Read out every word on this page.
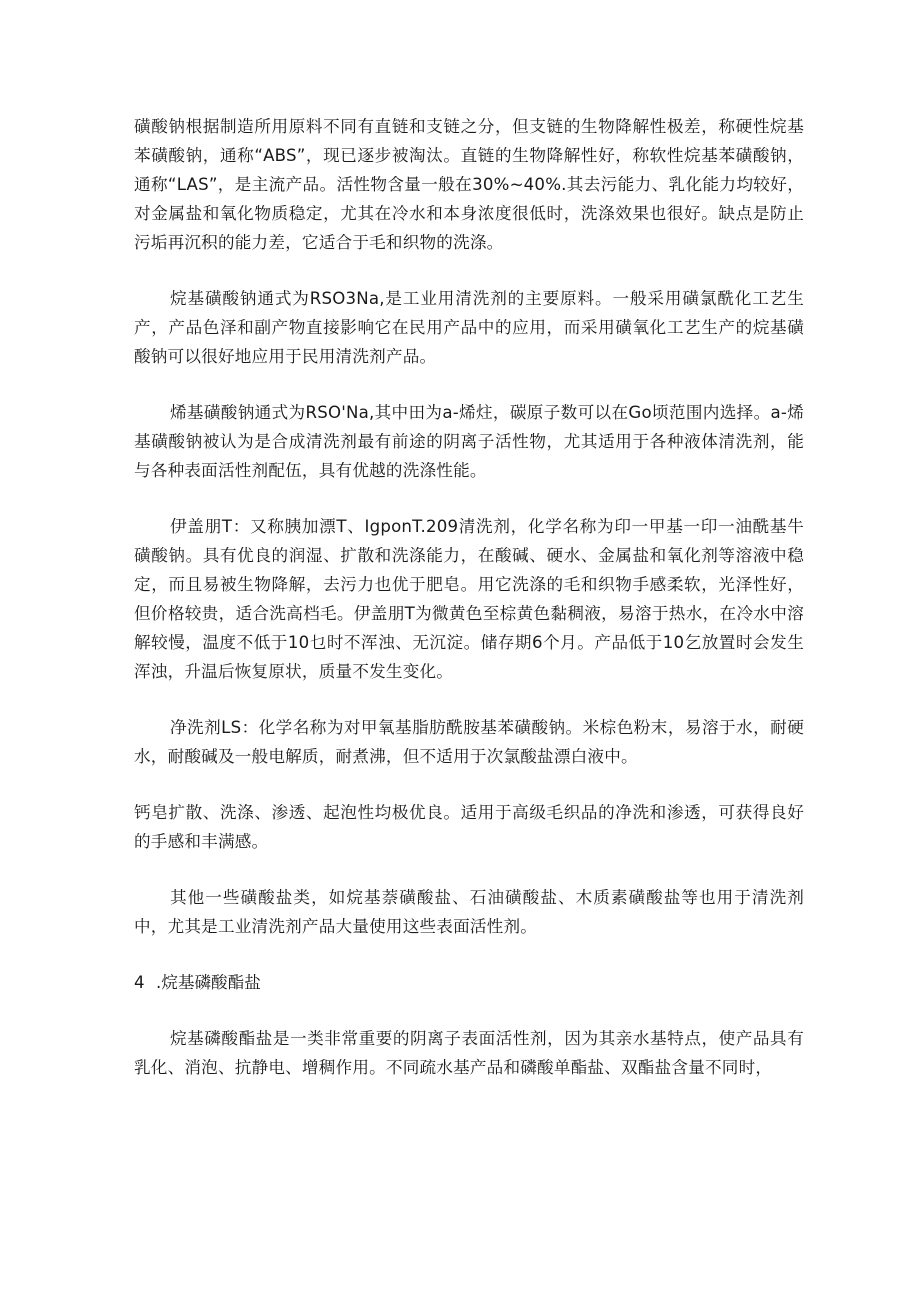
磺酸钠根据制造所用原料不同有直链和支链之分，但支链的生物降解性极差，称硬性烷基苯磺酸钠，通称“ABS”，现已逐步被淘汰。直链的生物降解性好，称软性烷基苯磺酸钠，通称“LAS”，是主流产品。活性物含量一般在30%~40%.其去污能力、乳化能力均较好，对金属盐和氧化物质稳定，尤其在冷水和本身浓度很低时，洗涤效果也很好。缺点是防止污垢再沉积的能力差，它适合于毛和织物的洗涤。

烷基磺酸钠通式为RSO3Na,是工业用清洗剂的主要原料。一般采用磺氯酰化工艺生产，产品色泽和副产物直接影响它在民用产品中的应用，而采用磺氧化工艺生产的烷基磺酸钠可以很好地应用于民用清洗剂产品。

烯基磺酸钠通式为RSO'Na,其中田为a-烯炷，碳原子数可以在Go顷范围内选择。a-烯基磺酸钠被认为是合成清洗剂最有前途的阴离子活性物，尤其适用于各种液体清洗剂，能与各种表面活性剂配伍，具有优越的洗涤性能。

伊盖朋T：又称胰加漂T、IgponT.209清洗剂，化学名称为印一甲基一印一油酰基牛磺酸钠。具有优良的润湿、扩散和洗涤能力，在酸碱、硬水、金属盐和氧化剂等溶液中稳定，而且易被生物降解，去污力也优于肥皂。用它洗涤的毛和织物手感柔软，光泽性好，但价格较贵，适合洗高档毛。伊盖朋T为微黄色至棕黄色黏稠液，易溶于热水，在冷水中溶解较慢，温度不低于10乜时不浑浊、无沉淀。储存期6个月。产品低于10乞放置时会发生浑浊，升温后恢复原状，质量不发生变化。

净洗剂LS：化学名称为对甲氧基脂肪酰胺基苯磺酸钠。米棕色粉末，易溶于水，耐硬水，耐酸碱及一般电解质，耐煮沸，但不适用于次氯酸盐漂白液中。

钙皂扩散、洗涤、渗透、起泡性均极优良。适用于高级毛织品的净洗和渗透，可获得良好的手感和丰满感。

其他一些磺酸盐类，如烷基萘磺酸盐、石油磺酸盐、木质素磺酸盐等也用于清洗剂中，尤其是工业清洗剂产品大量使用这些表面活性剂。

4 .烷基磷酸酯盐

烷基磷酸酯盐是一类非常重要的阴离子表面活性剂，因为其亲水基特点，使产品具有乳化、消泡、抗静电、增稠作用。不同疏水基产品和磷酸单酯盐、双酯盐含量不同时，
